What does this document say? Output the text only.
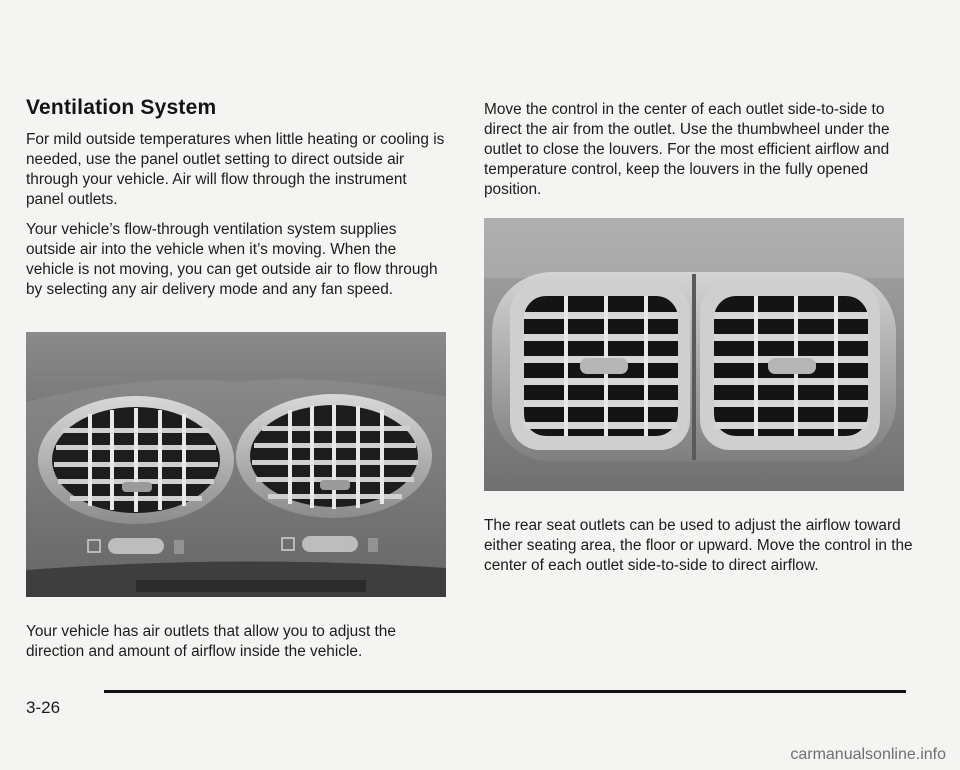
Ventilation System

For mild outside temperatures when little heating or cooling is needed, use the panel outlet setting to direct outside air through your vehicle. Air will flow through the instrument panel outlets.

Your vehicle’s flow-through ventilation system supplies outside air into the vehicle when it’s moving. When the vehicle is not moving, you can get outside air to flow through by selecting any air delivery mode and any fan speed.

Your vehicle has air outlets that allow you to adjust the direction and amount of airflow inside the vehicle.

Move the control in the center of each outlet side-to-side to direct the air from the outlet. Use the thumbwheel under the outlet to close the louvers. For the most efficient airflow and temperature control, keep the louvers in the fully opened position.

The rear seat outlets can be used to adjust the airflow toward either seating area, the floor or upward. Move the control in the center of each outlet side-to-side to direct airflow.

3-26
carmanualsonline.info
